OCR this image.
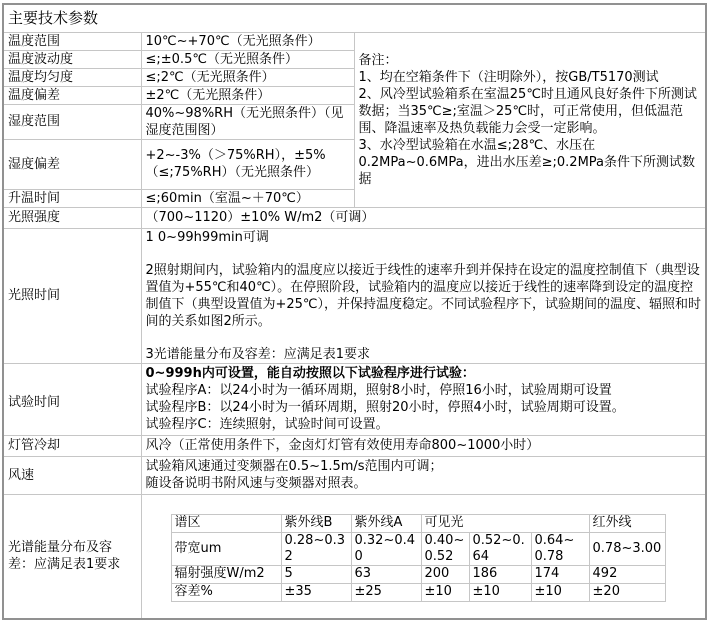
主要技术参数
温度范围	10℃~+70℃（无光照条件）	
备注：
1、均在空箱条件下（注明除外），按GB/T5170测试
2、风冷型试验箱系在室温25℃时且通风良好条件下所测试数据；当35℃≥;室温＞25℃时，可正常使用，但低温范围、降温速率及热负载能力会受一定影响。
3、水冷型试验箱在水温≤;28℃、水压在0.2MPa~0.6MPa，进出水压差≥;0.2MPa条件下所测试数据

温度波动度	≤;±0.5℃（无光照条件）
温度均匀度	≤;2℃（无光照条件）
温度偏差	±2℃（无光照条件）
湿度范围	40%~98%RH（无光照条件）（见湿度范围图）
湿度偏差	+2~-3%（＞75%RH），±5%（≤;75%RH）（无光照条件）
升温时间	≤;60min（室温~＋70℃）
光照强度	（700~1120）±10% W/m2（可调）
光照时间	

1 0~99h99min可调

2照射期间内，试验箱内的温度应以接近于线性的速率升到并保持在设定的温度控制值下（典型设置值为+55℃和40℃）。在停照阶段，试验箱内的温度应以接近于线性的速率降到设定的温度控制值下（典型设置值为+25℃），并保持温度稳定。不同试验程序下，试验期间的温度、辐照和时间的关系如图2所示。

3光谱能量分布及容差：应满足表1要求

试验时间	
0~999h内可设置，能自动按照以下试验程序进行试验：
试验程序A：以24小时为一循环周期，照射8小时，停照16小时，试验周期可设置
试验程序B：以24小时为一循环周期，照射20小时，停照4小时，试验周期可设置。
试验程序C：连续照射，试验时间可设置。

灯管冷却	风冷（正常使用条件下，金卤灯灯管有效使用寿命800~1000小时）
风速	
试验箱风速通过变频器在0.5~1.5m/s范围内可调；
随设备说明书附风速与变频器对照表。

光谱能量分布及容差：应满足表1要求	
谱区	紫外线B	紫外线A	可见光	红外线
带宽um	0.28~0.32	0.32~0.40	0.40~0.52	0.52~0.64	0.64~0.78	0.78~3.00
辐射强度W/m2	5	63	200	186	174	492
容差%	±35	±25	±10	±10	±10	±20
